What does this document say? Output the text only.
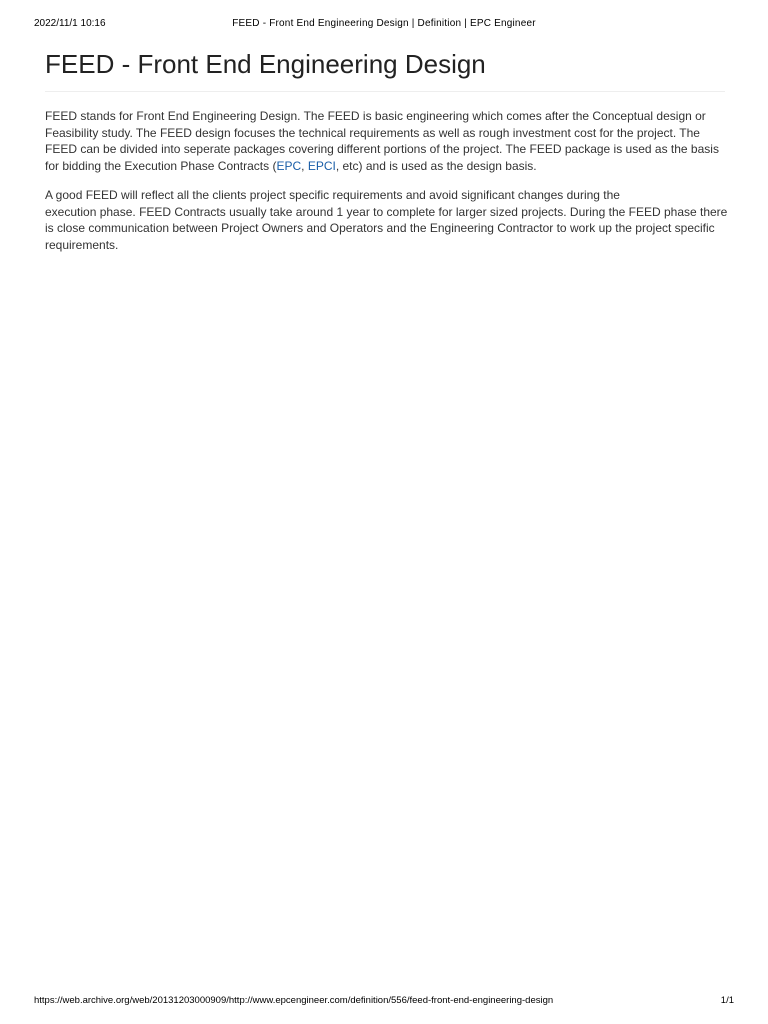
2022/11/1 10:16	FEED - Front End Engineering Design | Definition | EPC Engineer
FEED - Front End Engineering Design

FEED stands for Front End Engineering Design. The FEED is basic engineering which comes after the Conceptual design or Feasibility study. The FEED design focuses the technical requirements as well as rough investment cost for the project. The FEED can be divided into seperate packages covering different portions of the project. The FEED package is used as the basis for bidding the Execution Phase Contracts (EPC, EPCI, etc) and is used as the design basis.

A good FEED will reflect all the clients project specific requirements and avoid significant changes during the
execution phase. FEED Contracts usually take around 1 year to complete for larger sized projects. During the FEED phase there is close communication between Project Owners and Operators and the Engineering Contractor to work up the project specific requirements.

https://web.archive.org/web/20131203000909/http://www.epcengineer.com/definition/556/feed-front-end-engineering-design	1/1
